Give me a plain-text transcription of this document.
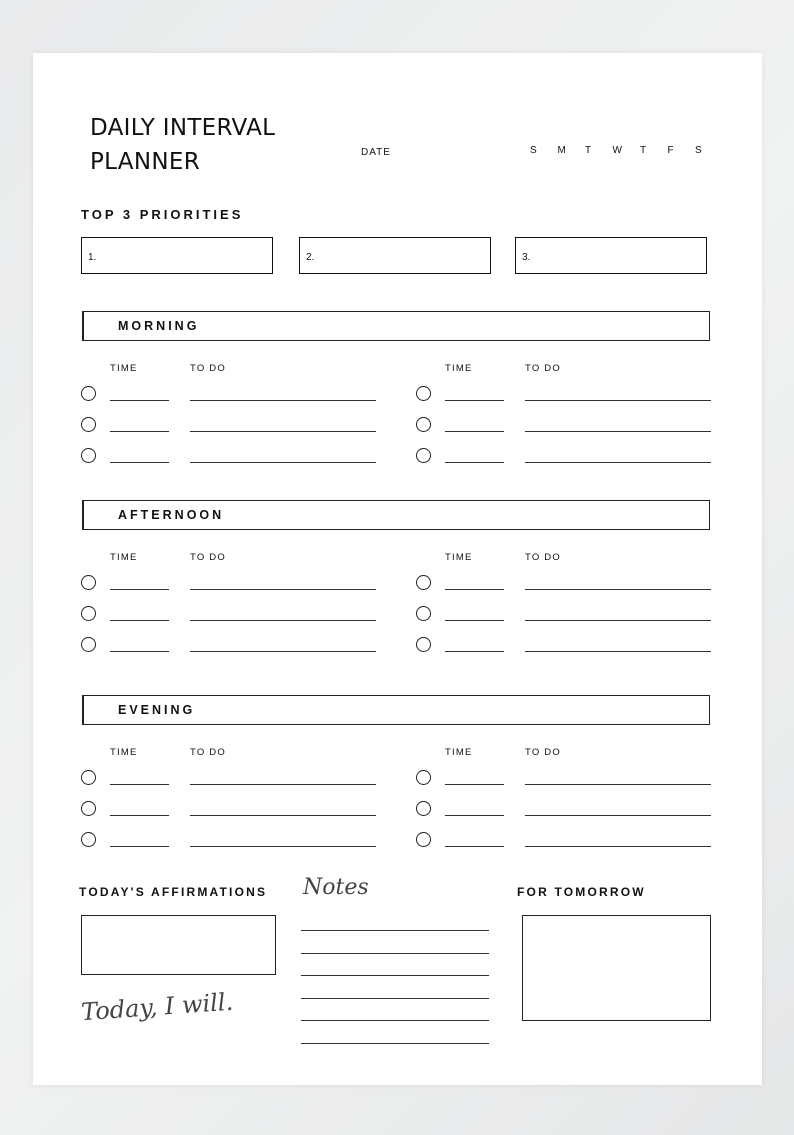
DAILY INTERVAL
PLANNER	DATE	S	M	T	W	T	F	S
TOP 3 PRIORITIES
1.	2.	3.
MORNING
TIME	TO DO	TIME	TO DO
AFTERNOON
TIME	TO DO	TIME	TO DO
EVENING
TIME	TO DO	TIME	TO DO
TODAY'S AFFIRMATIONS
Today, I will.
Notes	FOR TOMORROW
